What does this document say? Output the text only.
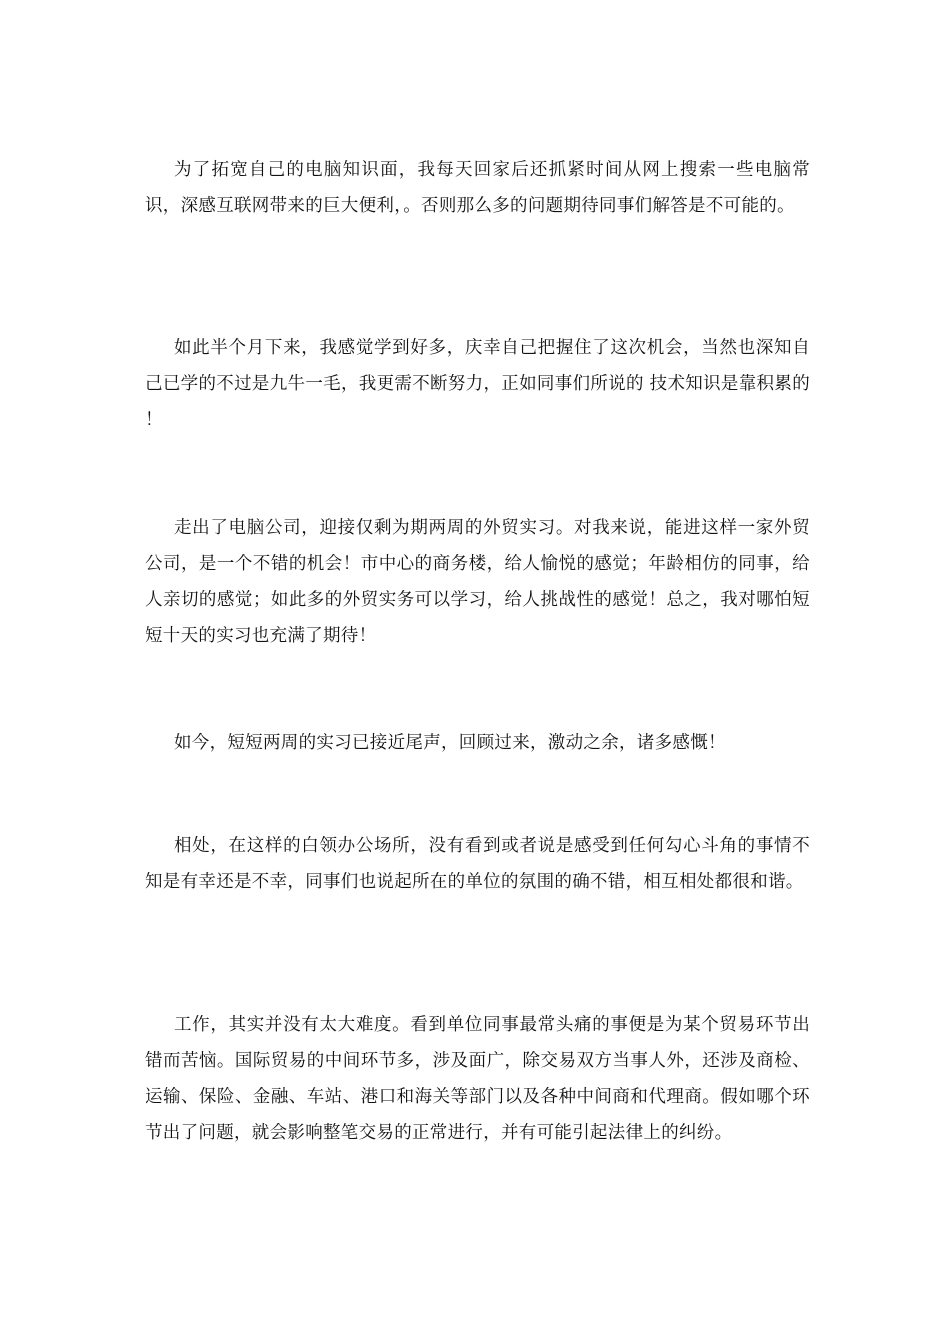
为了拓宽自己的电脑知识面，我每天回家后还抓紧时间从网上搜索一些电脑常识，深感互联网带来的巨大便利，。否则那么多的问题期待同事们解答是不可能的。

如此半个月下来，我感觉学到好多，庆幸自己把握住了这次机会，当然也深知自己已学的不过是九牛一毛，我更需不断努力，正如同事们所说的 技术知识是靠积累的 ！

走出了电脑公司，迎接仅剩为期两周的外贸实习。对我来说，能进这样一家外贸公司，是一个不错的机会！市中心的商务楼，给人愉悦的感觉；年龄相仿的同事，给人亲切的感觉；如此多的外贸实务可以学习，给人挑战性的感觉！总之，我对哪怕短短十天的实习也充满了期待！

如今，短短两周的实习已接近尾声，回顾过来，激动之余，诸多感慨！

相处，在这样的白领办公场所，没有看到或者说是感受到任何勾心斗角的事情不知是有幸还是不幸，同事们也说起所在的单位的氛围的确不错，相互相处都很和谐。

工作，其实并没有太大难度。看到单位同事最常头痛的事便是为某个贸易环节出错而苦恼。国际贸易的中间环节多，涉及面广，除交易双方当事人外，还涉及商检、运输、保险、金融、车站、港口和海关等部门以及各种中间商和代理商。假如哪个环节出了问题，就会影响整笔交易的正常进行，并有可能引起法律上的纠纷。
